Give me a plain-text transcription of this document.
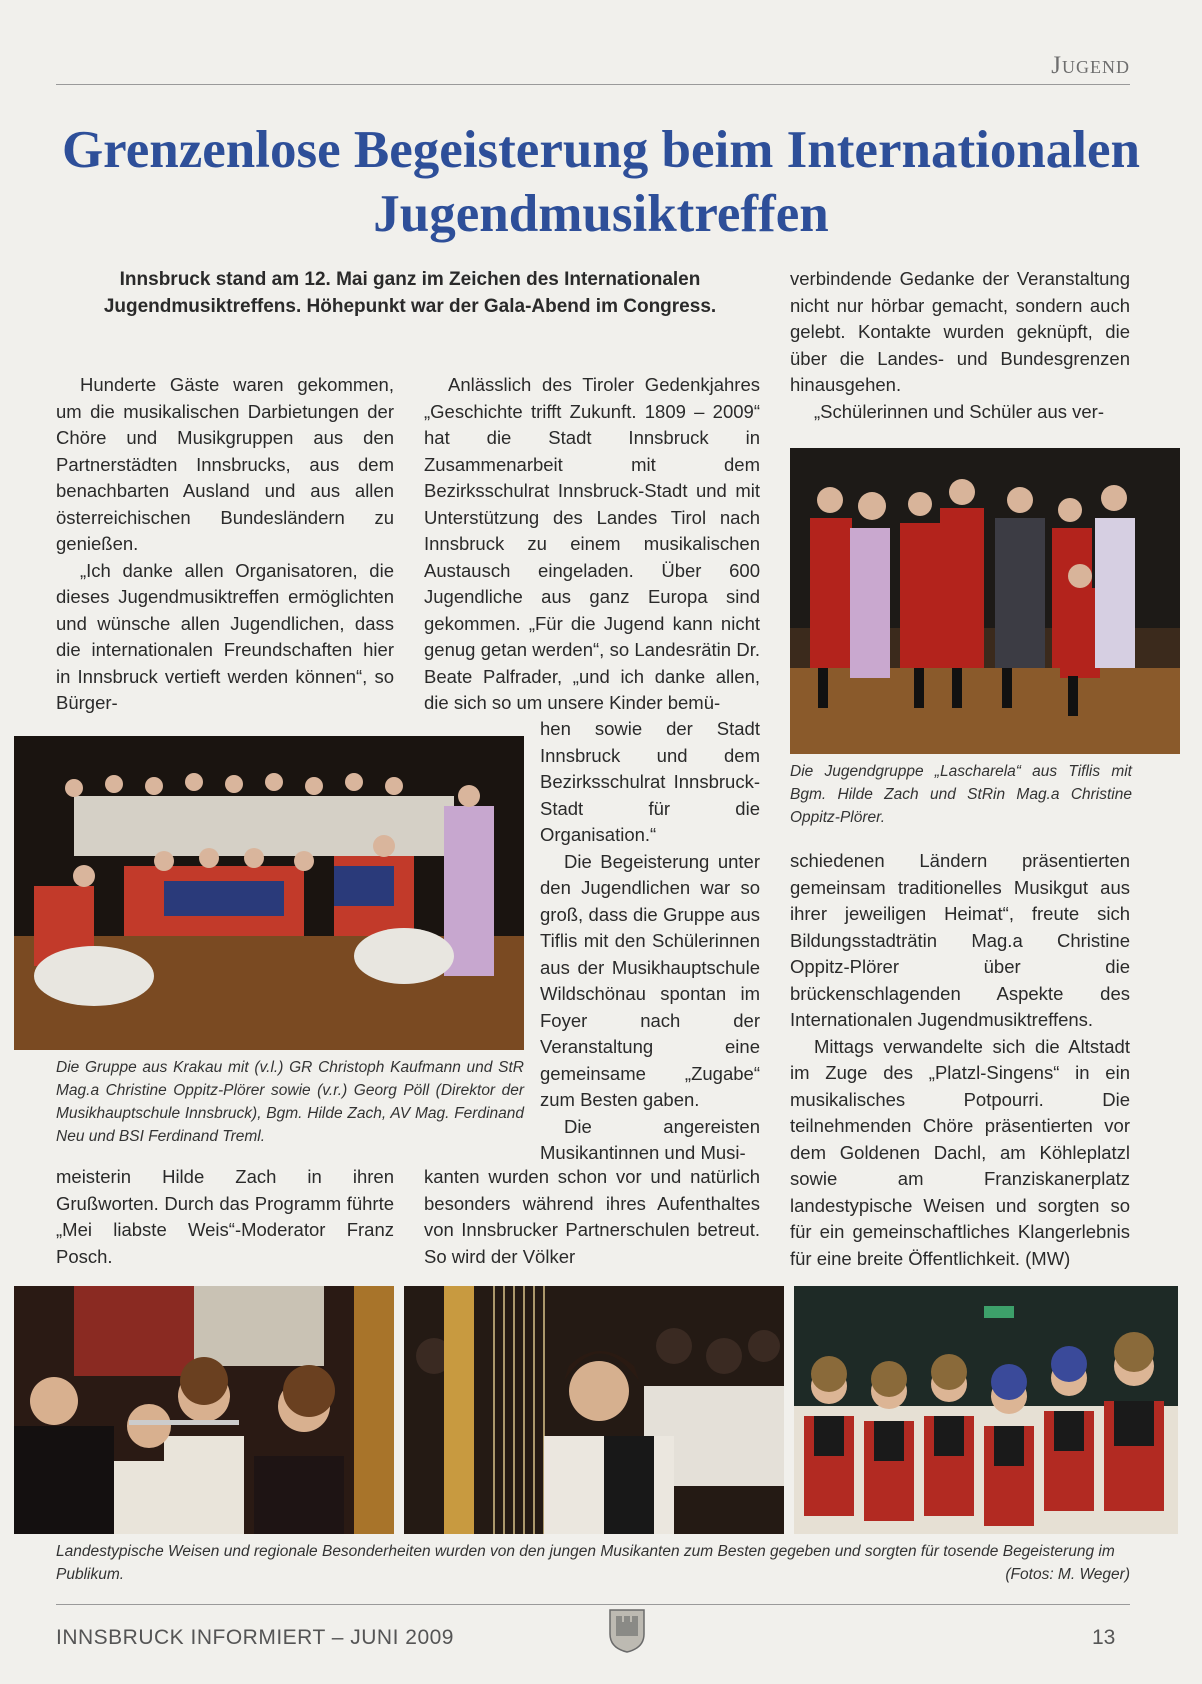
Jugend
Grenzenlose Begeisterung beim Internationalen Jugendmusiktreffen
Innsbruck stand am 12. Mai ganz im Zeichen des Internationalen Jugendmusiktreffens. Höhepunkt war der Gala-Abend im Congress.

Hunderte Gäste waren gekommen, um die musikalischen Darbietungen der Chöre und Musikgruppen aus den Partnerstädten Innsbrucks, aus dem benachbarten Ausland und aus allen österreichischen Bundesländern zu genießen.

„Ich danke allen Organisatoren, die dieses Jugendmusiktreffen ermöglichten und wünsche allen Jugendlichen, dass die internationalen Freundschaften hier in Innsbruck vertieft werden können“, so Bürger-

Anlässlich des Tiroler Gedenkjahres „Geschichte trifft Zukunft. 1809 – 2009“ hat die Stadt Innsbruck in Zusammenarbeit mit dem Bezirksschulrat Innsbruck-Stadt und mit Unterstützung des Landes Tirol nach Innsbruck zu einem musikalischen Austausch eingeladen. Über 600 Jugendliche aus ganz Europa sind gekommen. „Für die Jugend kann nicht genug getan werden“, so Landesrätin Dr. Beate Palfrader, „und ich danke allen, die sich so um unsere Kinder bemü-

hen sowie der Stadt Innsbruck und dem Bezirksschulrat Innsbruck-Stadt für die Organisation.“

Die Begeisterung unter den Jugendlichen war so groß, dass die Gruppe aus Tiflis mit den Schülerinnen aus der Musikhauptschule Wildschönau spontan im Foyer nach der Veranstaltung eine gemeinsame „Zugabe“ zum Besten gaben.

Die angereisten Musikantinnen und Musi-

verbindende Gedanke der Veranstaltung nicht nur hörbar gemacht, sondern auch gelebt. Kontakte wurden geknüpft, die über die Landes- und Bundesgrenzen hinausgehen.

„Schülerinnen und Schüler aus ver-

Die Jugendgruppe „Lascharela“ aus Tiflis mit Bgm. Hilde Zach und StRin Mag.a Christine Oppitz-Plörer.
Die Gruppe aus Krakau mit (v.l.) GR Christoph Kaufmann und StR Mag.a Christine Oppitz-Plörer sowie (v.r.) Georg Pöll (Direktor der Musikhauptschule Innsbruck), Bgm. Hilde Zach, AV Mag. Ferdinand Neu und BSI Ferdinand Treml.

schiedenen Ländern präsentierten gemeinsam traditionelles Musikgut aus ihrer jeweiligen Heimat“, freute sich Bildungsstadträtin Mag.a Christine Oppitz-Plörer über die brückenschlagenden Aspekte des Internationalen Jugendmusiktreffens.

Mittags verwandelte sich die Altstadt im Zuge des „Platzl-Singens“ in ein musikalisches Potpourri. Die teilnehmenden Chöre präsentierten vor dem Goldenen Dachl, am Köhleplatzl sowie am Franziskanerplatz landestypische Weisen und sorgten so für ein gemeinschaftliches Klangerlebnis für eine breite Öffentlichkeit. (MW)

meisterin Hilde Zach in ihren Grußworten. Durch das Programm führte „Mei liabste Weis“-Moderator Franz Posch.

kanten wurden schon vor und natürlich besonders während ihres Aufenthaltes von Innsbrucker Partnerschulen betreut. So wird der Völker

Landestypische Weisen und regionale Besonderheiten wurden von den jungen Musikanten zum Besten gegeben und sorgten für tosende Begeisterung im Publikum.	(Fotos: M. Weger)
INNSBRUCK INFORMIERT – JUNI 2009	13
